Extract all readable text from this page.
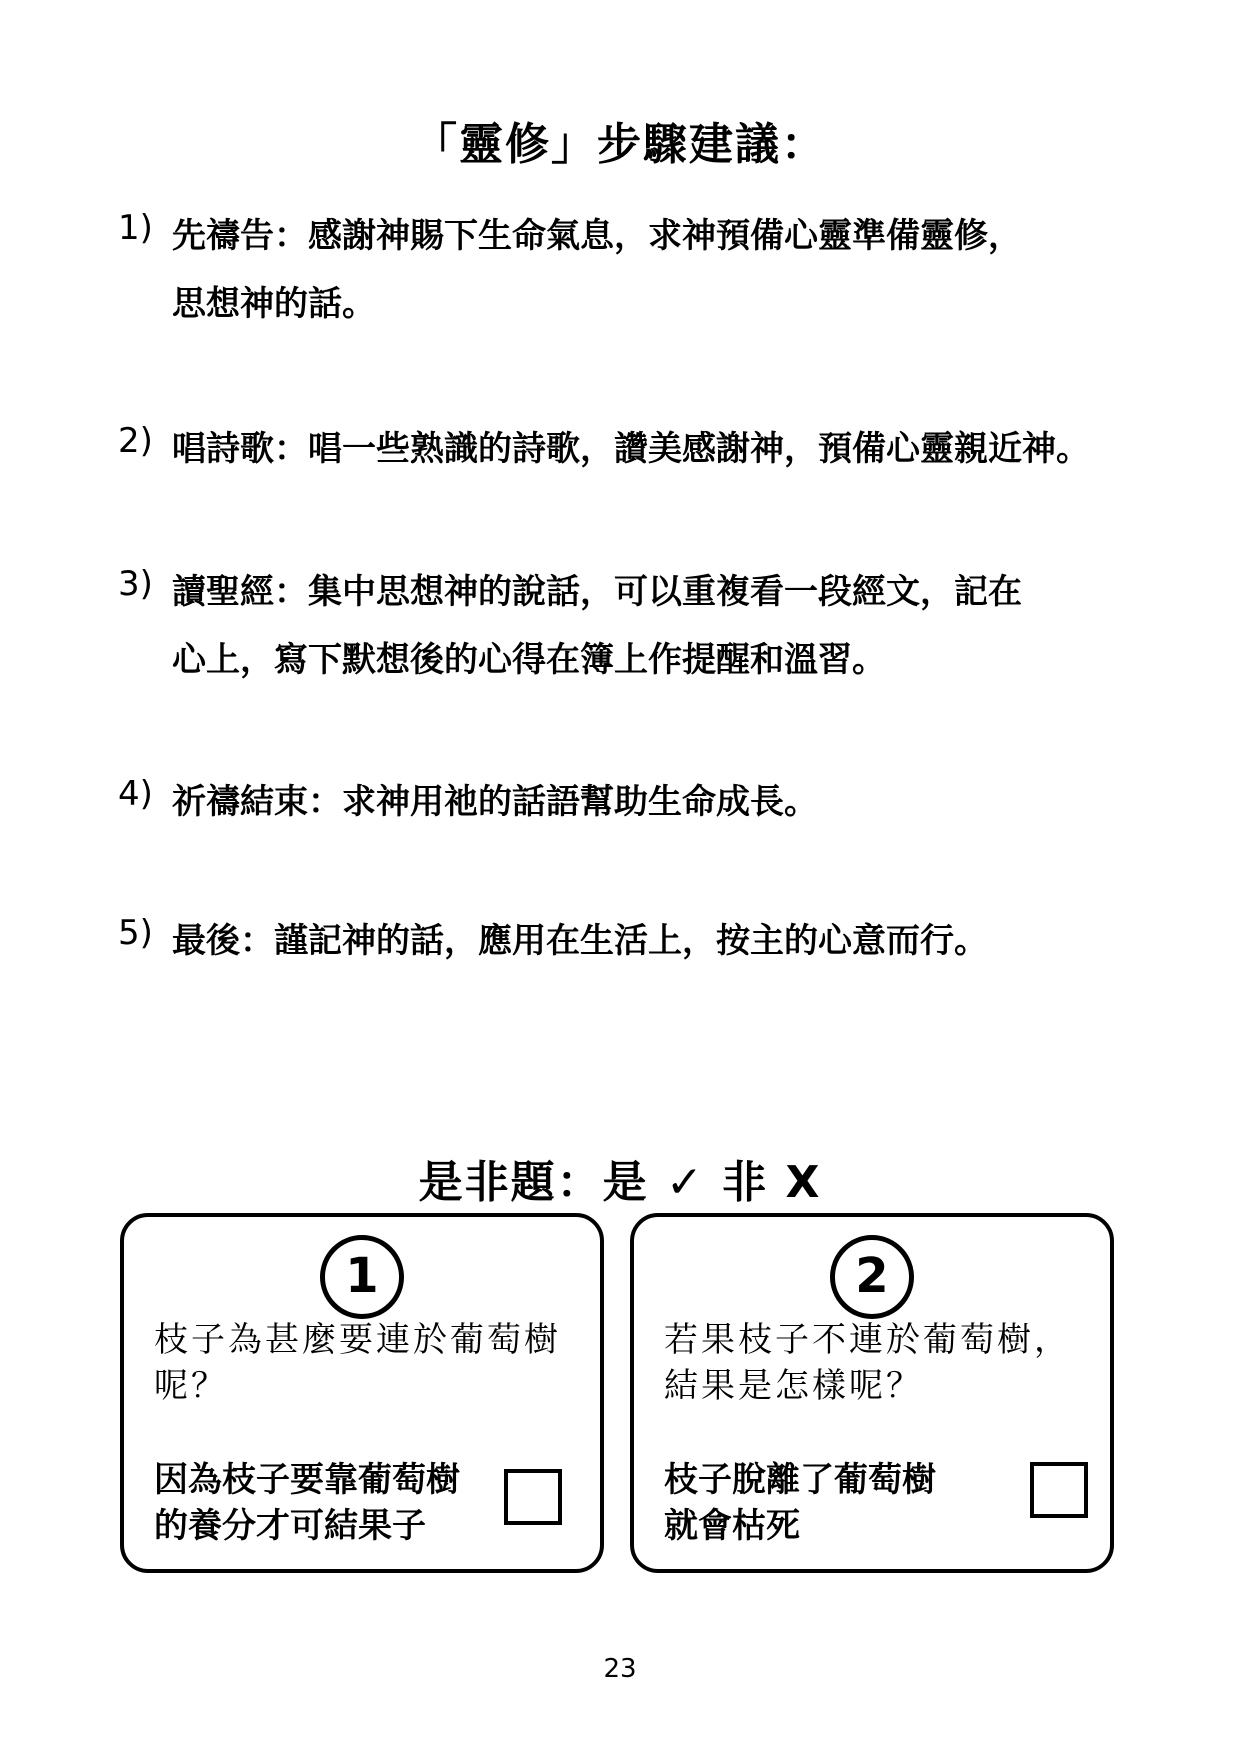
「靈修」步驟建議：
1) 先禱告：感謝神賜下生命氣息，求神預備心靈準備靈修，
思想神的話。
2) 唱詩歌：唱一些熟識的詩歌，讚美感謝神，預備心靈親近神。
3) 讀聖經：集中思想神的說話，可以重複看一段經文，記在
心上，寫下默想後的心得在簿上作提醒和溫習。
4) 祈禱結束：求神用祂的話語幫助生命成長。
5) 最後：謹記神的話，應用在生活上，按主的心意而行。
是非題：是 ✓ 非 X
1
枝子為甚麼要連於葡萄樹呢？
因為枝子要靠葡萄樹
的養分才可結果子
2
若果枝子不連於葡萄樹，
結果是怎樣呢？
枝子脫離了葡萄樹
就會枯死
23
